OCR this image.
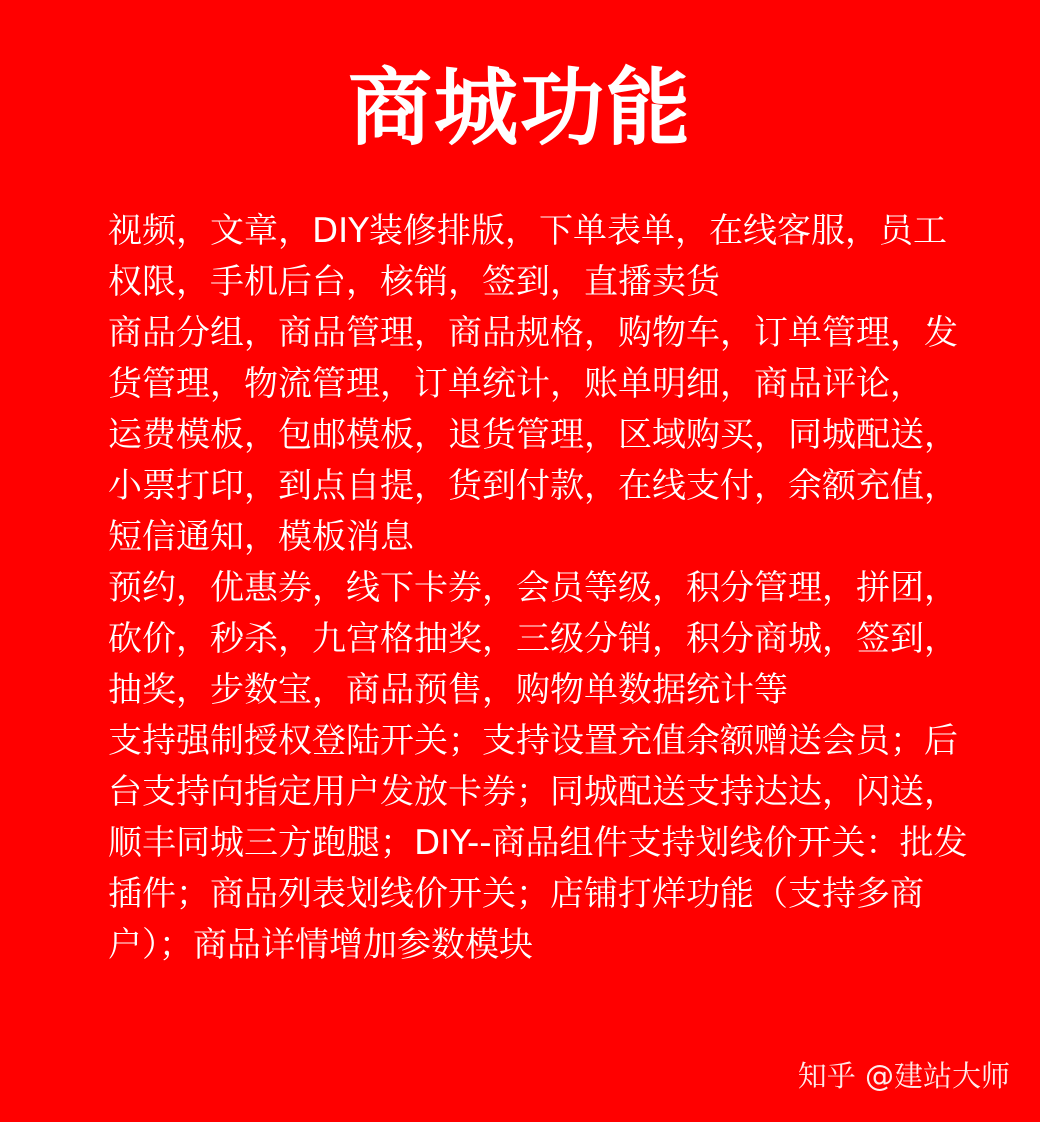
商城功能

视频，文章，DIY装修排版，下单表单，在线客服，员工权限，手机后台，核销，签到，直播卖货

商品分组，商品管理，商品规格，购物车，订单管理，发货管理，物流管理，订单统计，账单明细，商品评论，

运费模板，包邮模板，退货管理，区域购买，同城配送，小票打印，到点自提，货到付款，在线支付，余额充值，短信通知，模板消息

预约，优惠券，线下卡券，会员等级，积分管理，拼团，砍价，秒杀，九宫格抽奖，三级分销，积分商城，签到，抽奖，步数宝，商品预售，购物单数据统计等

支持强制授权登陆开关；支持设置充值余额赠送会员；后台支持向指定用户发放卡券；同城配送支持达达，闪送，顺丰同城三方跑腿；DIY--商品组件支持划线价开关：批发插件；商品列表划线价开关；店铺打烊功能（支持多商户）；商品详情增加参数模块

知乎 @建站大师
